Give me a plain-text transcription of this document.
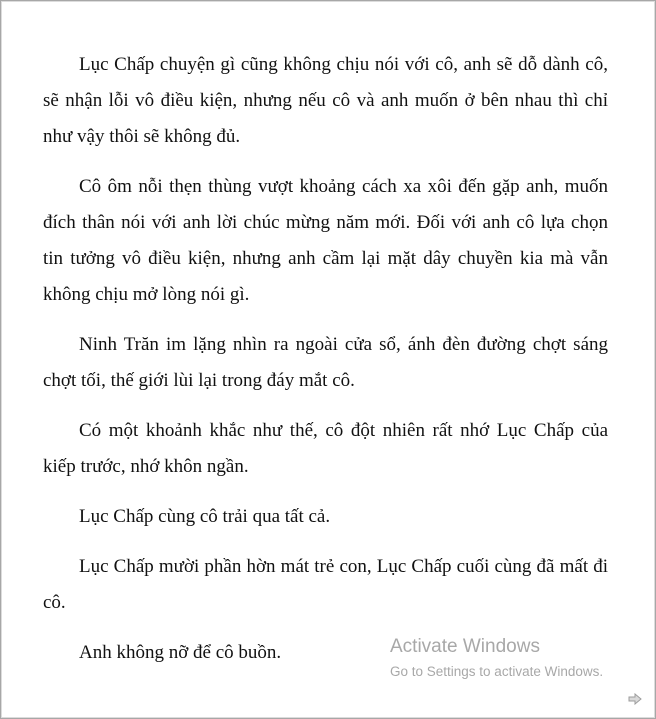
Lục Chấp chuyện gì cũng không chịu nói với cô, anh sẽ dỗ dành cô, sẽ nhận lỗi vô điều kiện, nhưng nếu cô và anh muốn ở bên nhau thì chỉ như vậy thôi sẽ không đủ.

Cô ôm nỗi thẹn thùng vượt khoảng cách xa xôi đến gặp anh, muốn đích thân nói với anh lời chúc mừng năm mới. Đối với anh cô lựa chọn tin tưởng vô điều kiện, nhưng anh cầm lại mặt dây chuyền kia mà vẫn không chịu mở lòng nói gì.

Ninh Trăn im lặng nhìn ra ngoài cửa sổ, ánh đèn đường chợt sáng chợt tối, thế giới lùi lại trong đáy mắt cô.

Có một khoảnh khắc như thế, cô đột nhiên rất nhớ Lục Chấp của kiếp trước, nhớ khôn ngần.

Lục Chấp cùng cô trải qua tất cả.

Lục Chấp mười phần hờn mát trẻ con, Lục Chấp cuối cùng đã mất đi cô.

Anh không nỡ để cô buồn.	Activate Windows
Go to Settings to activate Windows.
